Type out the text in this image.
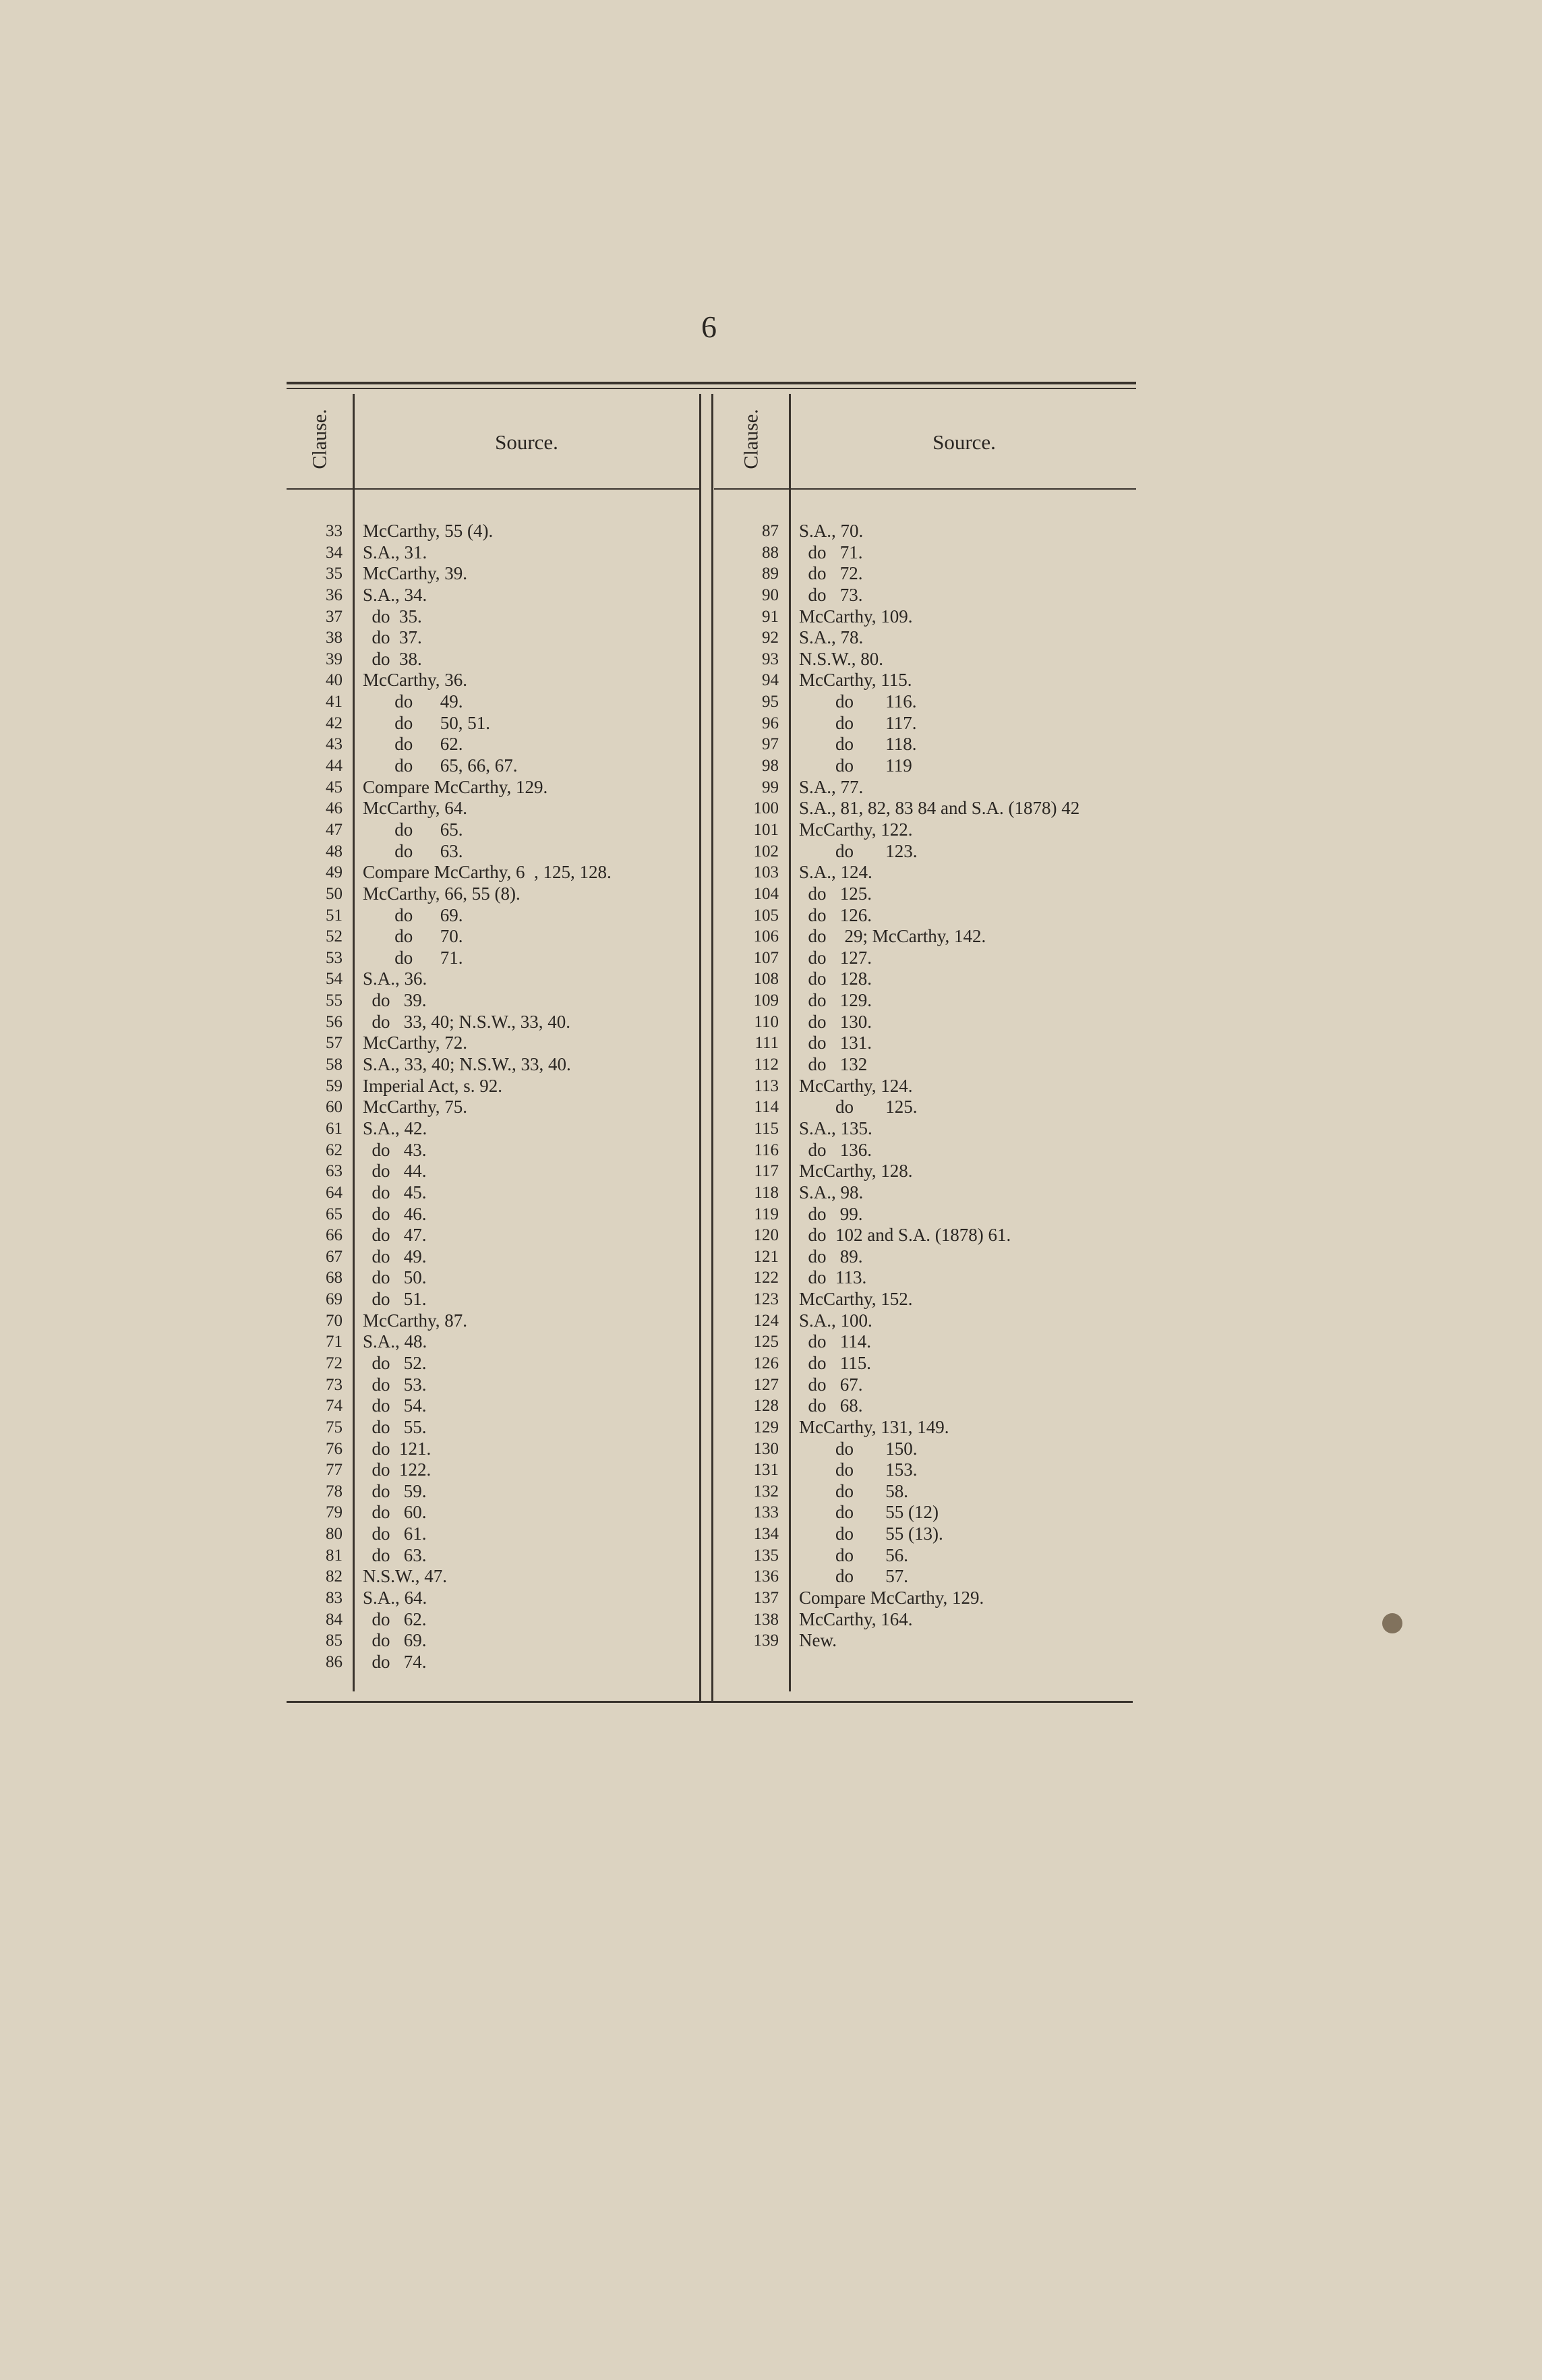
6
Clause.	Source.	Clause.	Source.
33	McCarthy, 55 (4).
34	S.A., 31.
35	McCarthy, 39.
36	S.A., 34.
37	do  35.
38	do  37.
39	do  38.
40	McCarthy, 36.
41	do      49.
42	do      50, 51.
43	do      62.
44	do      65, 66, 67.
45	Compare McCarthy, 129.
46	McCarthy, 64.
47	do      65.
48	do      63.
49	Compare McCarthy, 6  , 125, 128.
50	McCarthy, 66, 55 (8).
51	do      69.
52	do      70.
53	do      71.
54	S.A., 36.
55	do   39.
56	do   33, 40; N.S.W., 33, 40.
57	McCarthy, 72.
58	S.A., 33, 40; N.S.W., 33, 40.
59	Imperial Act, s. 92.
60	McCarthy, 75.
61	S.A., 42.
62	do   43.
63	do   44.
64	do   45.
65	do   46.
66	do   47.
67	do   49.
68	do   50.
69	do   51.
70	McCarthy, 87.
71	S.A., 48.
72	do   52.
73	do   53.
74	do   54.
75	do   55.
76	do  121.
77	do  122.
78	do   59.
79	do   60.
80	do   61.
81	do   63.
82	N.S.W., 47.
83	S.A., 64.
84	do   62.
85	do   69.
86	do   74.
87	S.A., 70.
88	do   71.
89	do   72.
90	do   73.
91	McCarthy, 109.
92	S.A., 78.
93	N.S.W., 80.
94	McCarthy, 115.
95	do       116.
96	do       117.
97	do       118.
98	do       119
99	S.A., 77.
100	S.A., 81, 82, 83 84 and S.A. (1878) 42
101	McCarthy, 122.
102	do       123.
103	S.A., 124.
104	do   125.
105	do   126.
106	do    29; McCarthy, 142.
107	do   127.
108	do   128.
109	do   129.
110	do   130.
111	do   131.
112	do   132
113	McCarthy, 124.
114	do       125.
115	S.A., 135.
116	do   136.
117	McCarthy, 128.
118	S.A., 98.
119	do   99.
120	do  102 and S.A. (1878) 61.
121	do   89.
122	do  113.
123	McCarthy, 152.
124	S.A., 100.
125	do   114.
126	do   115.
127	do   67.
128	do   68.
129	McCarthy, 131, 149.
130	do       150.
131	do       153.
132	do       58.
133	do       55 (12)
134	do       55 (13).
135	do       56.
136	do       57.
137	Compare McCarthy, 129.
138	McCarthy, 164.
139	New.
